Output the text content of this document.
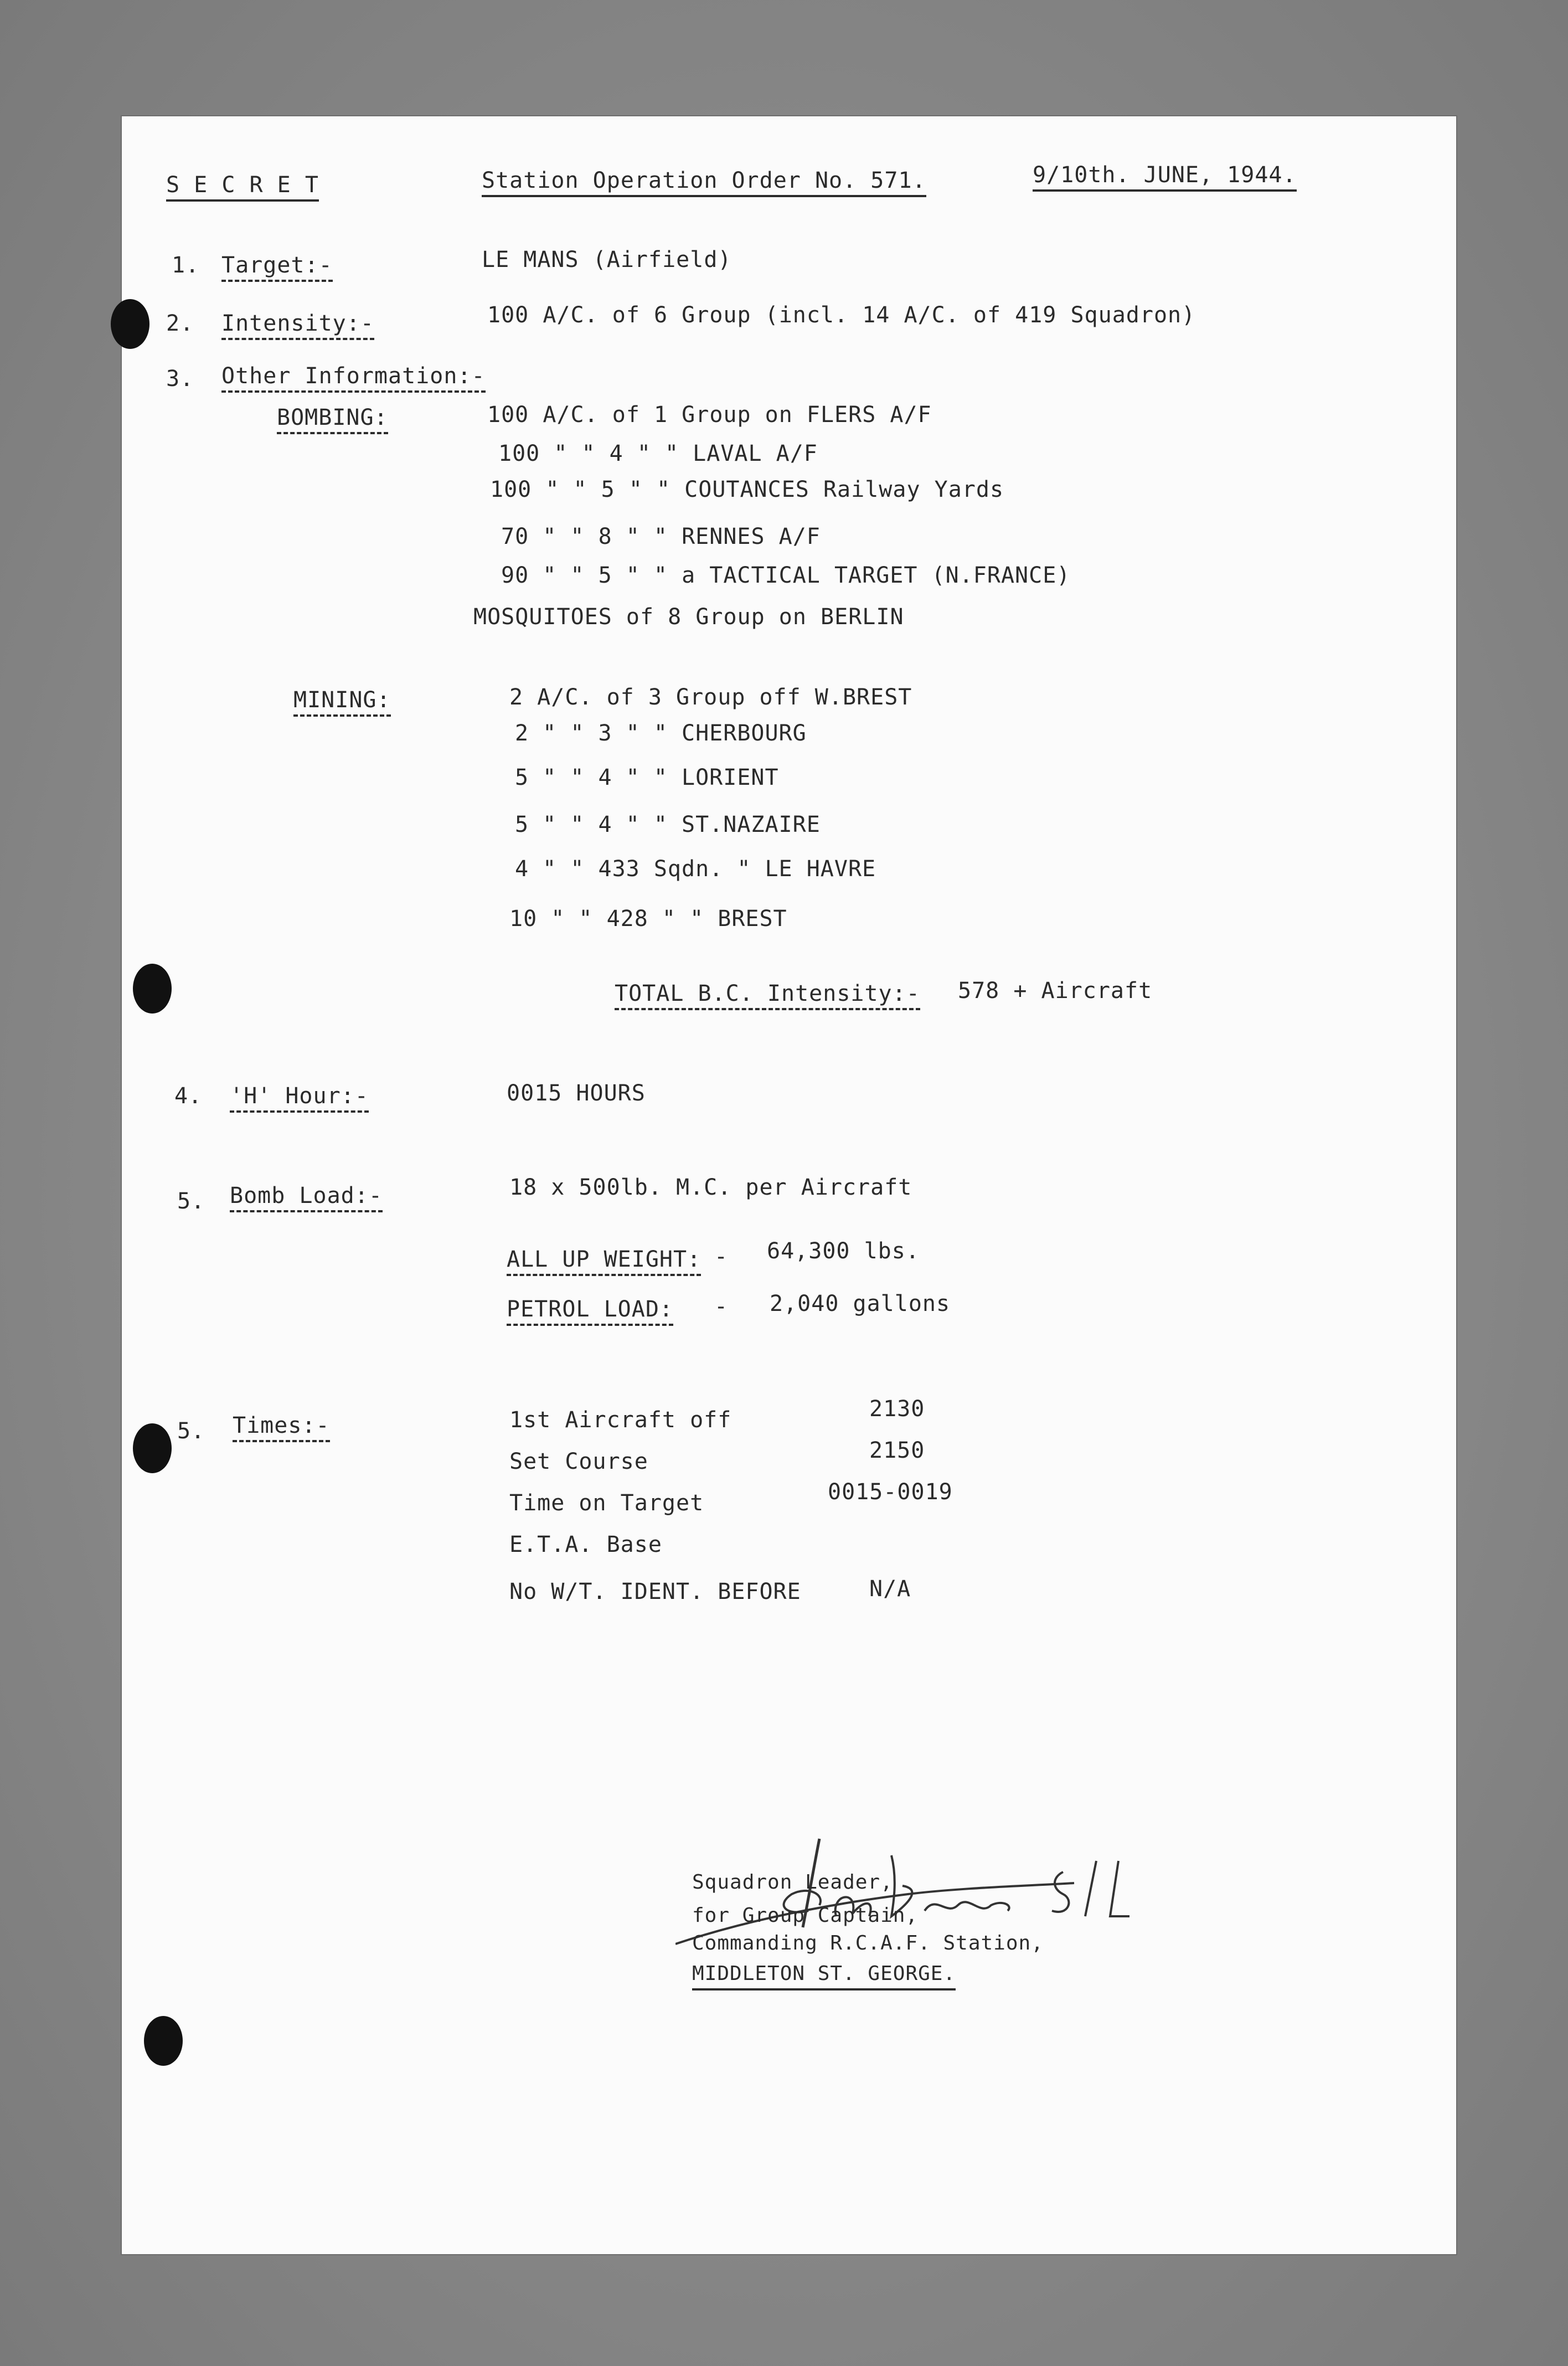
S E C R E T	Station Operation Order No. 571.	9/10th. JUNE, 1944.
1. Target:-	LE MANS (Airfield)
2. Intensity:-	100 A/C. of 6 Group (incl. 14 A/C. of 419 Squadron)
3. Other Information:-
BOMBING:	100 A/C. of 1 Group on FLERS A/F
100 " " 4 " " LAVAL A/F
100 " " 5 " " COUTANCES Railway Yards
70 " " 8 " " RENNES A/F
90 " " 5 " " a TACTICAL TARGET (N.FRANCE)
MOSQUITOES of 8 Group on BERLIN
MINING:	2 A/C. of 3 Group off W.BREST
2 " " 3 " " CHERBOURG
5 " " 4 " " LORIENT
5 " " 4 " " ST.NAZAIRE
4 " " 433 Sqdn. " LE HAVRE
10 " " 428 " " BREST
TOTAL B.C. Intensity:- 578 + Aircraft
4. 'H' Hour:-	0015 HOURS
5. Bomb Load:-	18 x 500lb. M.C. per Aircraft
ALL UP WEIGHT: - 64,300 lbs.
PETROL LOAD: - 2,040 gallons
5. Times:-	1st Aircraft off	2130
Set Course	2150
Time on Target	0015-0019
E.T.A. Base
No W/T. IDENT. BEFORE	N/A
Squadron Leader,
for Group Captain,
Commanding R.C.A.F. Station,
MIDDLETON ST. GEORGE.
